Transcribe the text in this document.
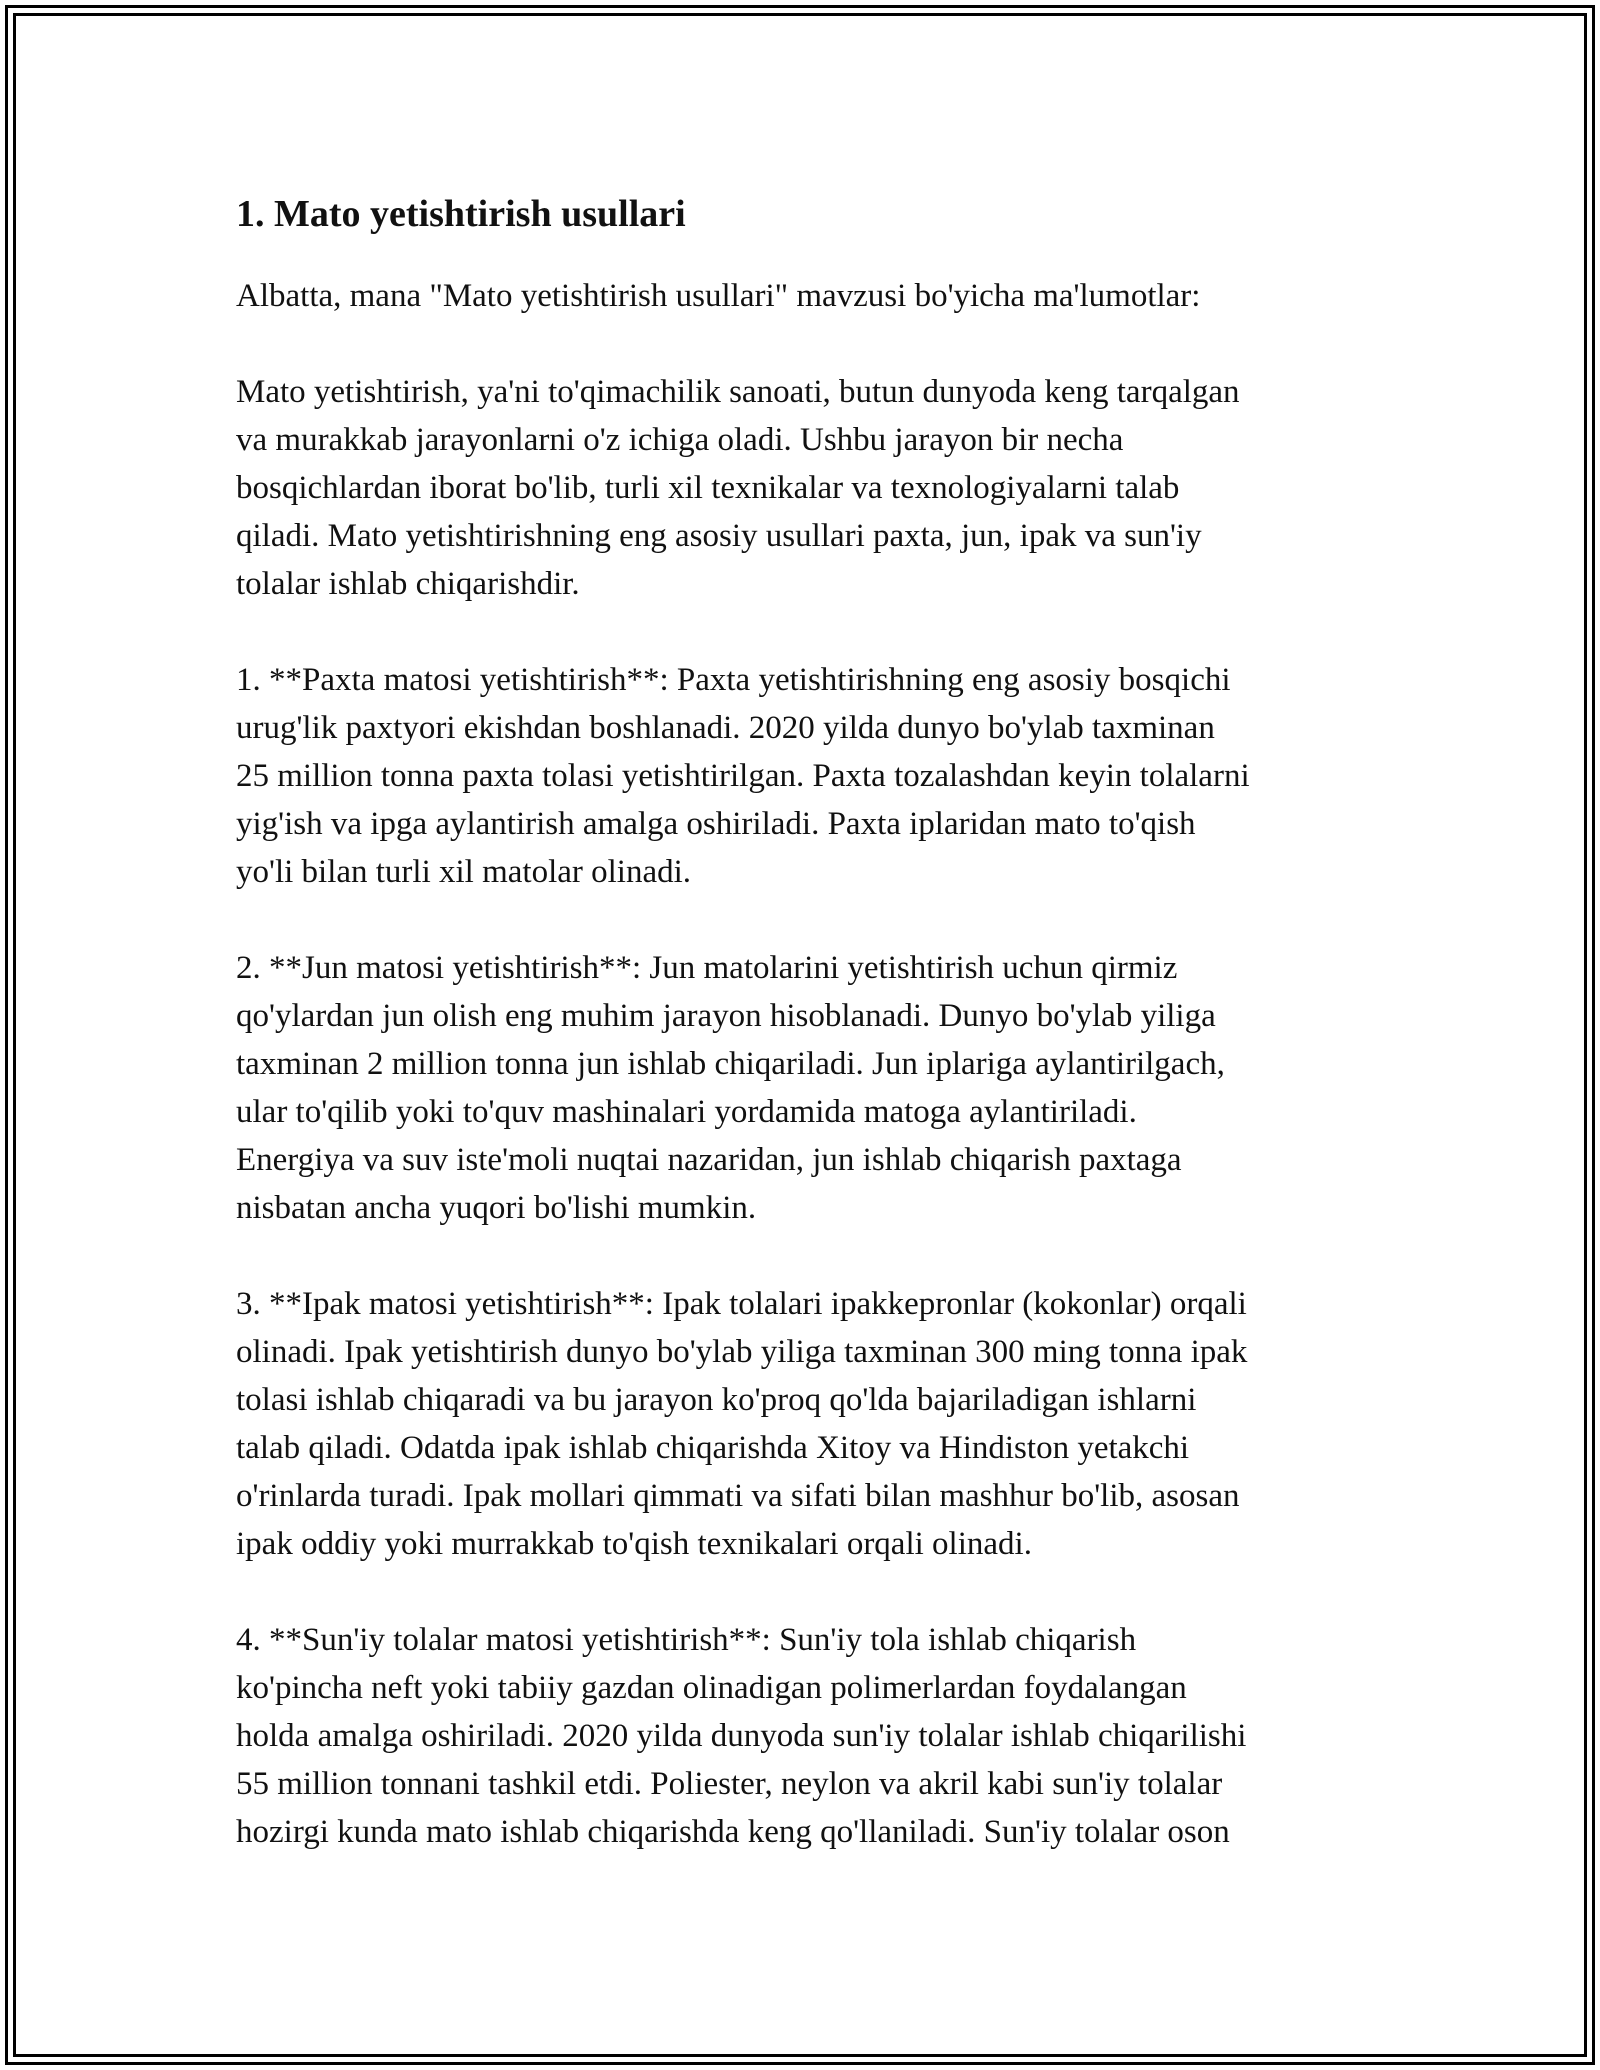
1. Mato yetishtirish usullari

Albatta, mana "Mato yetishtirish usullari" mavzusi bo'yicha ma'lumotlar:

Mato yetishtirish, ya'ni to'qimachilik sanoati, butun dunyoda keng tarqalgan
va murakkab jarayonlarni o'z ichiga oladi. Ushbu jarayon bir necha
bosqichlardan iborat bo'lib, turli xil texnikalar va texnologiyalarni talab
qiladi. Mato yetishtirishning eng asosiy usullari paxta, jun, ipak va sun'iy
tolalar ishlab chiqarishdir.

1. **Paxta matosi yetishtirish**: Paxta yetishtirishning eng asosiy bosqichi
urug'lik paxtyori ekishdan boshlanadi. 2020 yilda dunyo bo'ylab taxminan
25 million tonna paxta tolasi yetishtirilgan. Paxta tozalashdan keyin tolalarni
yig'ish va ipga aylantirish amalga oshiriladi. Paxta iplaridan mato to'qish
yo'li bilan turli xil matolar olinadi.

2. **Jun matosi yetishtirish**: Jun matolarini yetishtirish uchun qirmiz
qo'ylardan jun olish eng muhim jarayon hisoblanadi. Dunyo bo'ylab yiliga
taxminan 2 million tonna jun ishlab chiqariladi. Jun iplariga aylantirilgach,
ular to'qilib yoki to'quv mashinalari yordamida matoga aylantiriladi.
Energiya va suv iste'moli nuqtai nazaridan, jun ishlab chiqarish paxtaga
nisbatan ancha yuqori bo'lishi mumkin.

3. **Ipak matosi yetishtirish**: Ipak tolalari ipakkepronlar (kokonlar) orqali
olinadi. Ipak yetishtirish dunyo bo'ylab yiliga taxminan 300 ming tonna ipak
tolasi ishlab chiqaradi va bu jarayon ko'proq qo'lda bajariladigan ishlarni
talab qiladi. Odatda ipak ishlab chiqarishda Xitoy va Hindiston yetakchi
o'rinlarda turadi. Ipak mollari qimmati va sifati bilan mashhur bo'lib, asosan
ipak oddiy yoki murrakkab to'qish texnikalari orqali olinadi.

4. **Sun'iy tolalar matosi yetishtirish**: Sun'iy tola ishlab chiqarish
ko'pincha neft yoki tabiiy gazdan olinadigan polimerlardan foydalangan
holda amalga oshiriladi. 2020 yilda dunyoda sun'iy tolalar ishlab chiqarilishi
55 million tonnani tashkil etdi. Poliester, neylon va akril kabi sun'iy tolalar
hozirgi kunda mato ishlab chiqarishda keng qo'llaniladi. Sun'iy tolalar oson
